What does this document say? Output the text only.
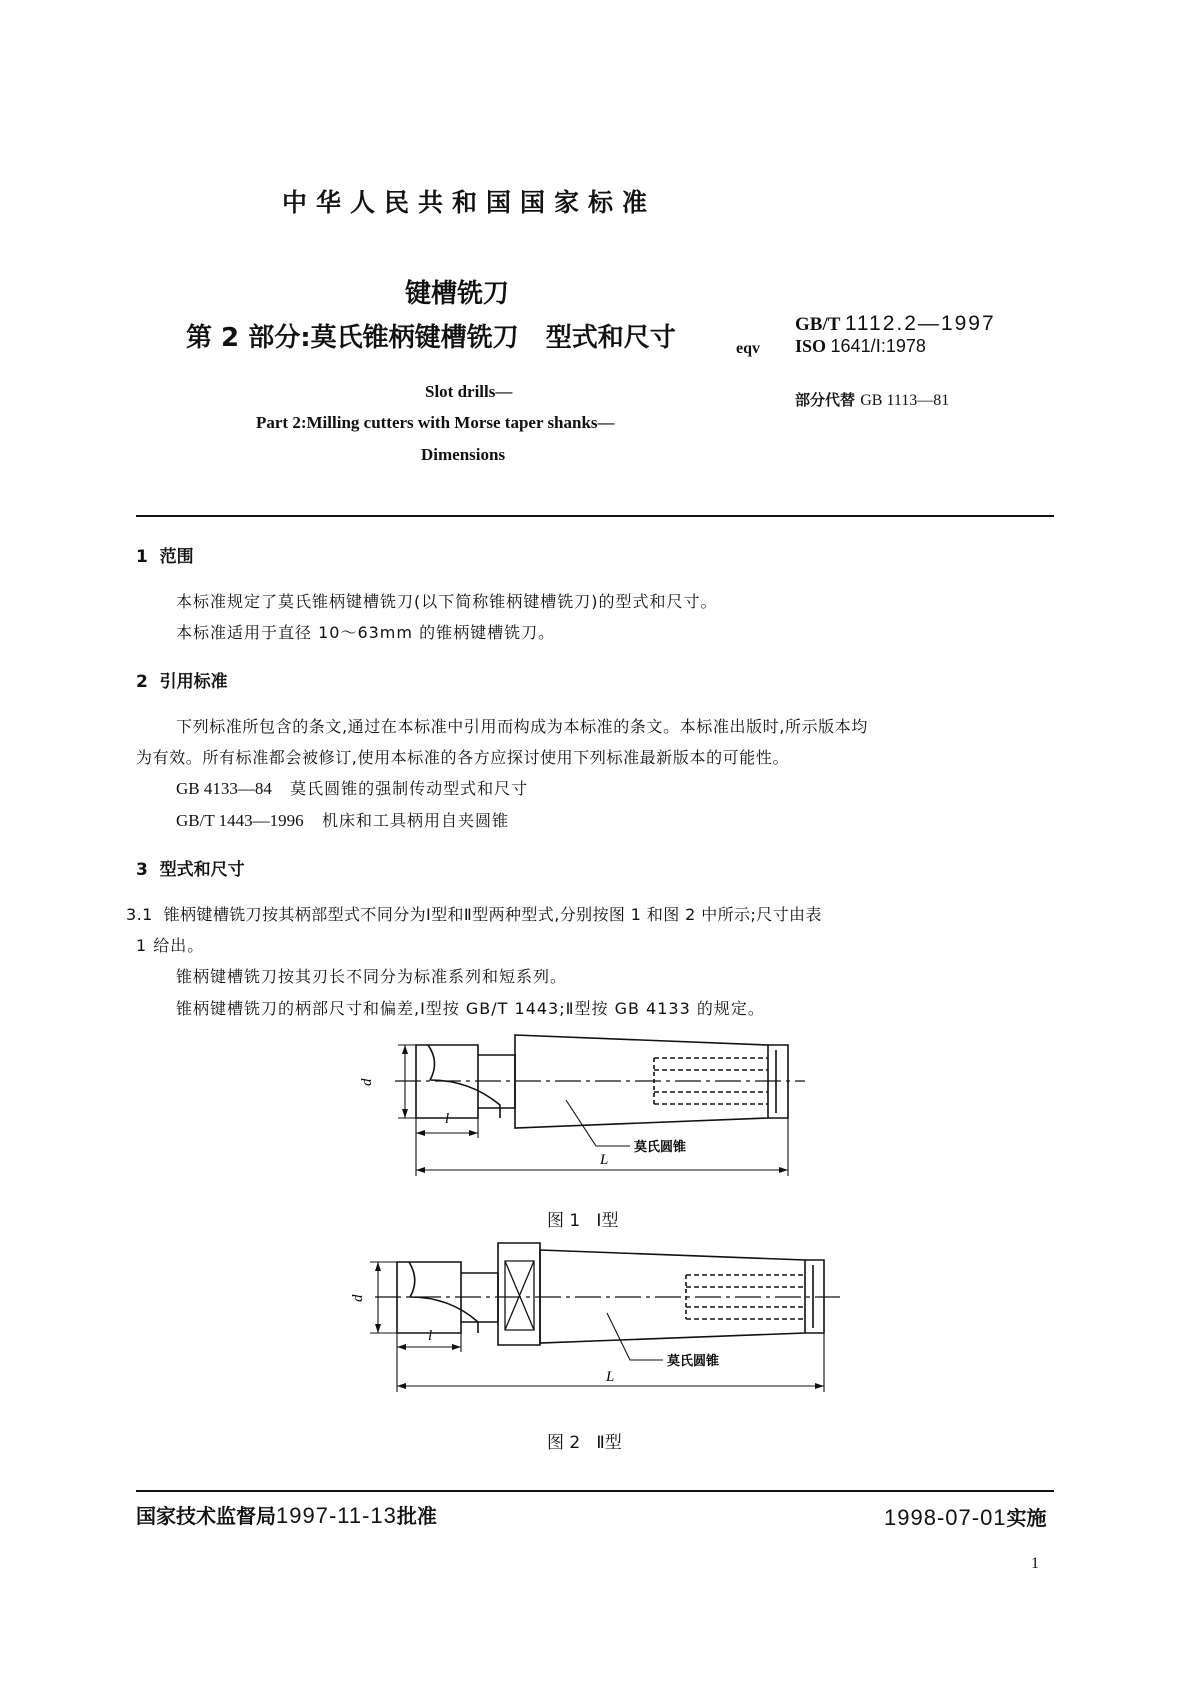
中华人民共和国国家标准
键槽铣刀
第 2 部分:莫氏锥柄键槽铣刀   型式和尺寸	GB/T 1112.2—1997
eqv ISO 1641/Ⅰ:1978
部分代替 GB 1113—81
Slot drills—
Part 2:Milling cutters with Morse taper shanks—
Dimensions
1  范围
本标准规定了莫氏锥柄键槽铣刀(以下简称锥柄键槽铣刀)的型式和尺寸。
本标准适用于直径 10～63mm 的锥柄键槽铣刀。
2  引用标准
下列标准所包含的条文,通过在本标准中引用而构成为本标准的条文。本标准出版时,所示版本均
为有效。所有标准都会被修订,使用本标准的各方应探讨使用下列标准最新版本的可能性。
GB 4133—84 莫氏圆锥的强制传动型式和尺寸
GB/T 1443—1996 机床和工具柄用自夹圆锥
3  型式和尺寸
3.1  锥柄键槽铣刀按其柄部型式不同分为Ⅰ型和Ⅱ型两种型式,分别按图 1 和图 2 中所示;尺寸由表
1 给出。
锥柄键槽铣刀按其刃长不同分为标准系列和短系列。
锥柄键槽铣刀的柄部尺寸和偏差,Ⅰ型按 GB/T 1443;Ⅱ型按 GB 4133 的规定。
d
l
L
莫氏圆锥
图 1   Ⅰ型
d
l
L
莫氏圆锥
图 2   Ⅱ型
国家技术监督局1997-11-13批准	1998-07-01实施
1
